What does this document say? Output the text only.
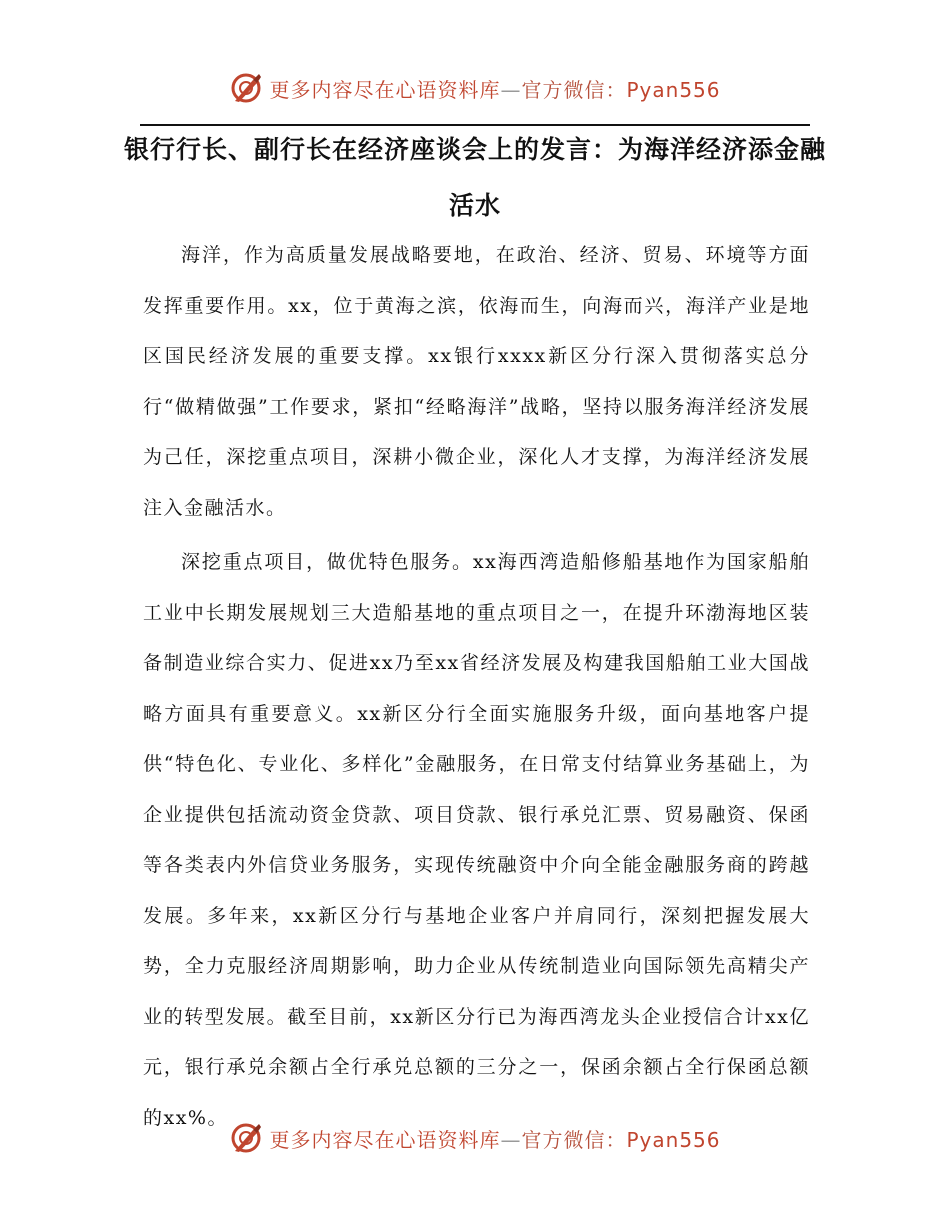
更多内容尽在心语资料库—官方微信：Pyan556
银行行长、副行长在经济座谈会上的发言：为海洋经济添金融活水

海洋，作为高质量发展战略要地，在政治、经济、贸易、环境等方面发挥重要作用。xx，位于黄海之滨，依海而生，向海而兴，海洋产业是地区国民经济发展的重要支撑。xx银行xxxx新区分行深入贯彻落实总分行“做精做强”工作要求，紧扣“经略海洋”战略，坚持以服务海洋经济发展为己任，深挖重点项目，深耕小微企业，深化人才支撑，为海洋经济发展注入金融活水。

深挖重点项目，做优特色服务。xx海西湾造船修船基地作为国家船舶工业中长期发展规划三大造船基地的重点项目之一，在提升环渤海地区装备制造业综合实力、促进xx乃至xx省经济发展及构建我国船舶工业大国战略方面具有重要意义。xx新区分行全面实施服务升级，面向基地客户提供“特色化、专业化、多样化”金融服务，在日常支付结算业务基础上，为企业提供包括流动资金贷款、项目贷款、银行承兑汇票、贸易融资、保函等各类表内外信贷业务服务，实现传统融资中介向全能金融服务商的跨越发展。多年来，xx新区分行与基地企业客户并肩同行，深刻把握发展大势，全力克服经济周期影响，助力企业从传统制造业向国际领先高精尖产业的转型发展。截至目前，xx新区分行已为海西湾龙头企业授信合计xx亿元，银行承兑余额占全行承兑总额的三分之一，保函余额占全行保函总额的xx%。

更多内容尽在心语资料库—官方微信：Pyan556
